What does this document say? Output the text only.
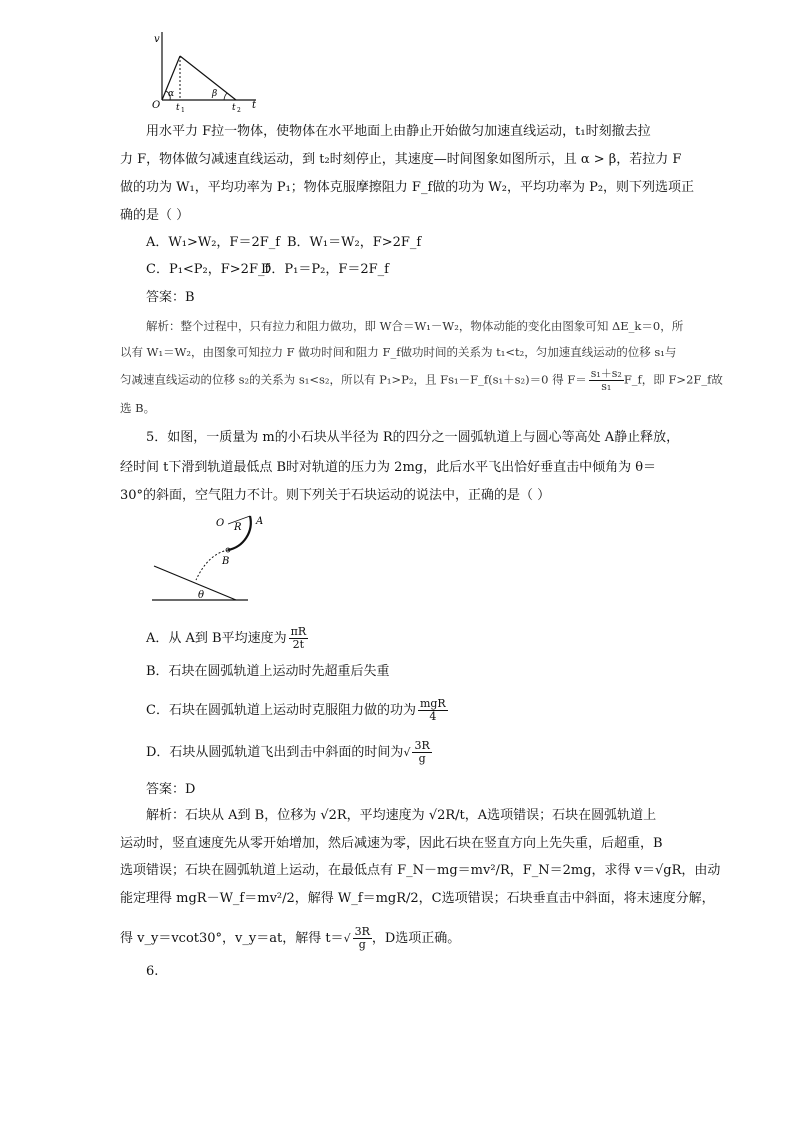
v
O	t
α	β
t 1	t 2
用水平力 F拉一物体，使物体在水平地面上由静止开始做匀加速直线运动，t₁时刻撤去拉
力 F，物体做匀减速直线运动，到 t₂时刻停止，其速度—时间图象如图所示，且 α > β，若拉力 F
做的功为 W₁，平均功率为 P₁；物体克服摩擦阻力 F_f做的功为 W₂，平均功率为 P₂，则下列选项正
确的是（ ）
A．W₁>W₂，F＝2F_f B．W₁＝W₂，F>2F_f
C．P₁<P₂，F>2F_f
D．P₁＝P₂，F＝2F_f
答案：B
解析：整个过程中，只有拉力和阻力做功，即 W合＝W₁－W₂，物体动能的变化由图象可知 ΔE_k＝0，所
以有 W₁＝W₂，由图象可知拉力 F 做功时间和阻力 F_f做功时间的关系为 t₁<t₂，匀加速直线运动的位移 s₁与
匀减速直线运动的位移 s₂的关系为 s₁<s₂，所以有 P₁>P₂，且 Fs₁－F_f(s₁＋s₂)＝0 得 $F= \frac{\text{s₁＋s₂}}{\text{s₁}}$ F_f，即 F>2F_f故
选 B。
5．如图，一质量为 m的小石块从半径为 R的四分之一圆弧轨道上与圆心等高处 A静止释放，
经时间 t下滑到轨道最低点 B时对轨道的压力为 2mg，此后水平飞出恰好垂直击中倾角为 θ＝
30°的斜面，空气阻力不计。则下列关于石块运动的说法中，正确的是（ ）
O R
A
B
θ
A．从 A到 B平均速度为 $\frac{\pi R}{2t}$
B．石块在圆弧轨道上运动时先超重后失重
C．石块在圆弧轨道上运动时克服阻力做的功为 $\frac{\text{mgR}}{4}$
D．石块从圆弧轨道飞出到击中斜面的时间为√ $\frac{3R}{g}$
答案：D
解析：石块从 A到 B，位移为 √2R，平均速度为 √2R/t，A选项错误；石块在圆弧轨道上
运动时，竖直速度先从零开始增加，然后减速为零，因此石块在竖直方向上先失重，后超重，B
选项错误；石块在圆弧轨道上运动，在最低点有 F_N－mg＝mv²/R，F_N＝2mg，求得 v＝√gR，由动
能定理得 mgR－W_f＝mv²/2，解得 W_f＝mgR/2，C选项错误；石块垂直击中斜面，将末速度分解，
得 v_y＝vcot30°，v_y＝at，解得 $t=√ \frac{3R}{g}$ ，D选项正确。
6.
